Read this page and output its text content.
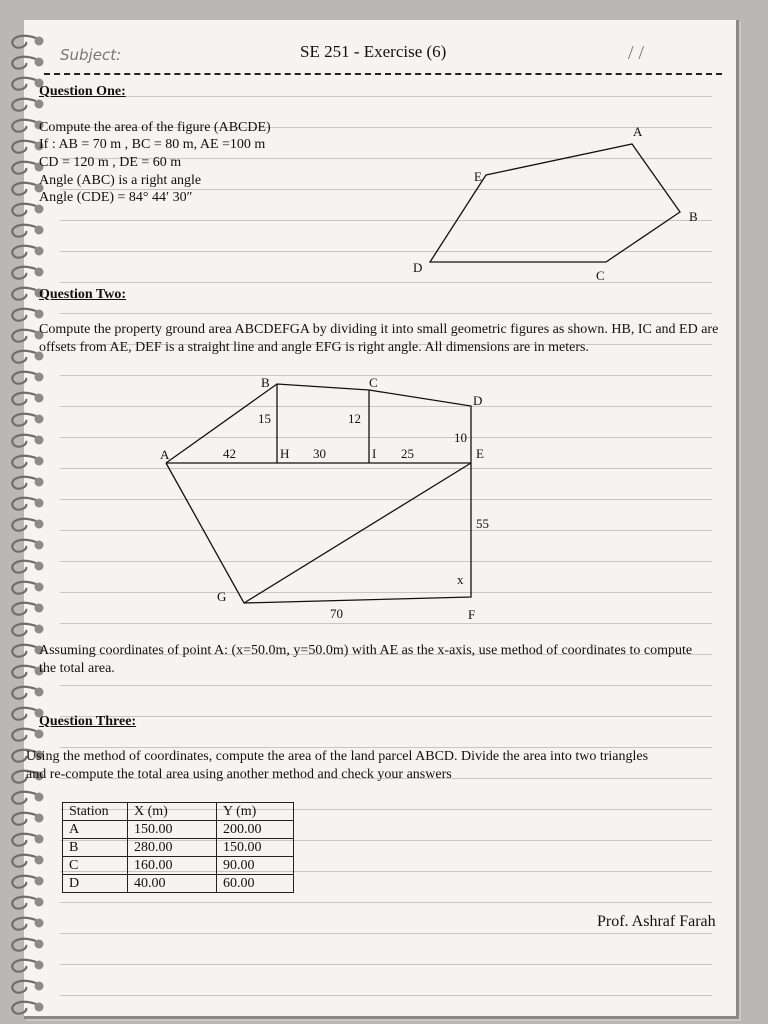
Subject:	SE 251 - Exercise (6)	/ /
Question One:
Compute the area of the figure (ABCDE)
If : AB = 70 m , BC = 80 m, AE =100 m
CD = 120 m , DE = 60 m
Angle (ABC) is a right angle
Angle (CDE) = 84° 44′ 30″
A
B
C
D
E
Question Two:
Compute the property ground area ABCDEFGA by dividing it into small geometric figures as shown. HB, IC and ED are offsets from AE, DEF is a straight line and angle EFG is right angle. All dimensions are in meters.
A
B	C
D
E
F
G
H	I
x
15	12
10
42	30	25
55
70
Assuming coordinates of point A: (x=50.0m, y=50.0m) with AE as the x-axis, use method of coordinates to compute the total area.
Question Three:
Using the method of coordinates, compute the area of the land parcel ABCD. Divide the area into two triangles and re-compute the total area using another method and check your answers
Station	X (m)	Y (m)
A	150.00	200.00
B	280.00	150.00
C	160.00	90.00
D	40.00	60.00
Prof. Ashraf Farah
